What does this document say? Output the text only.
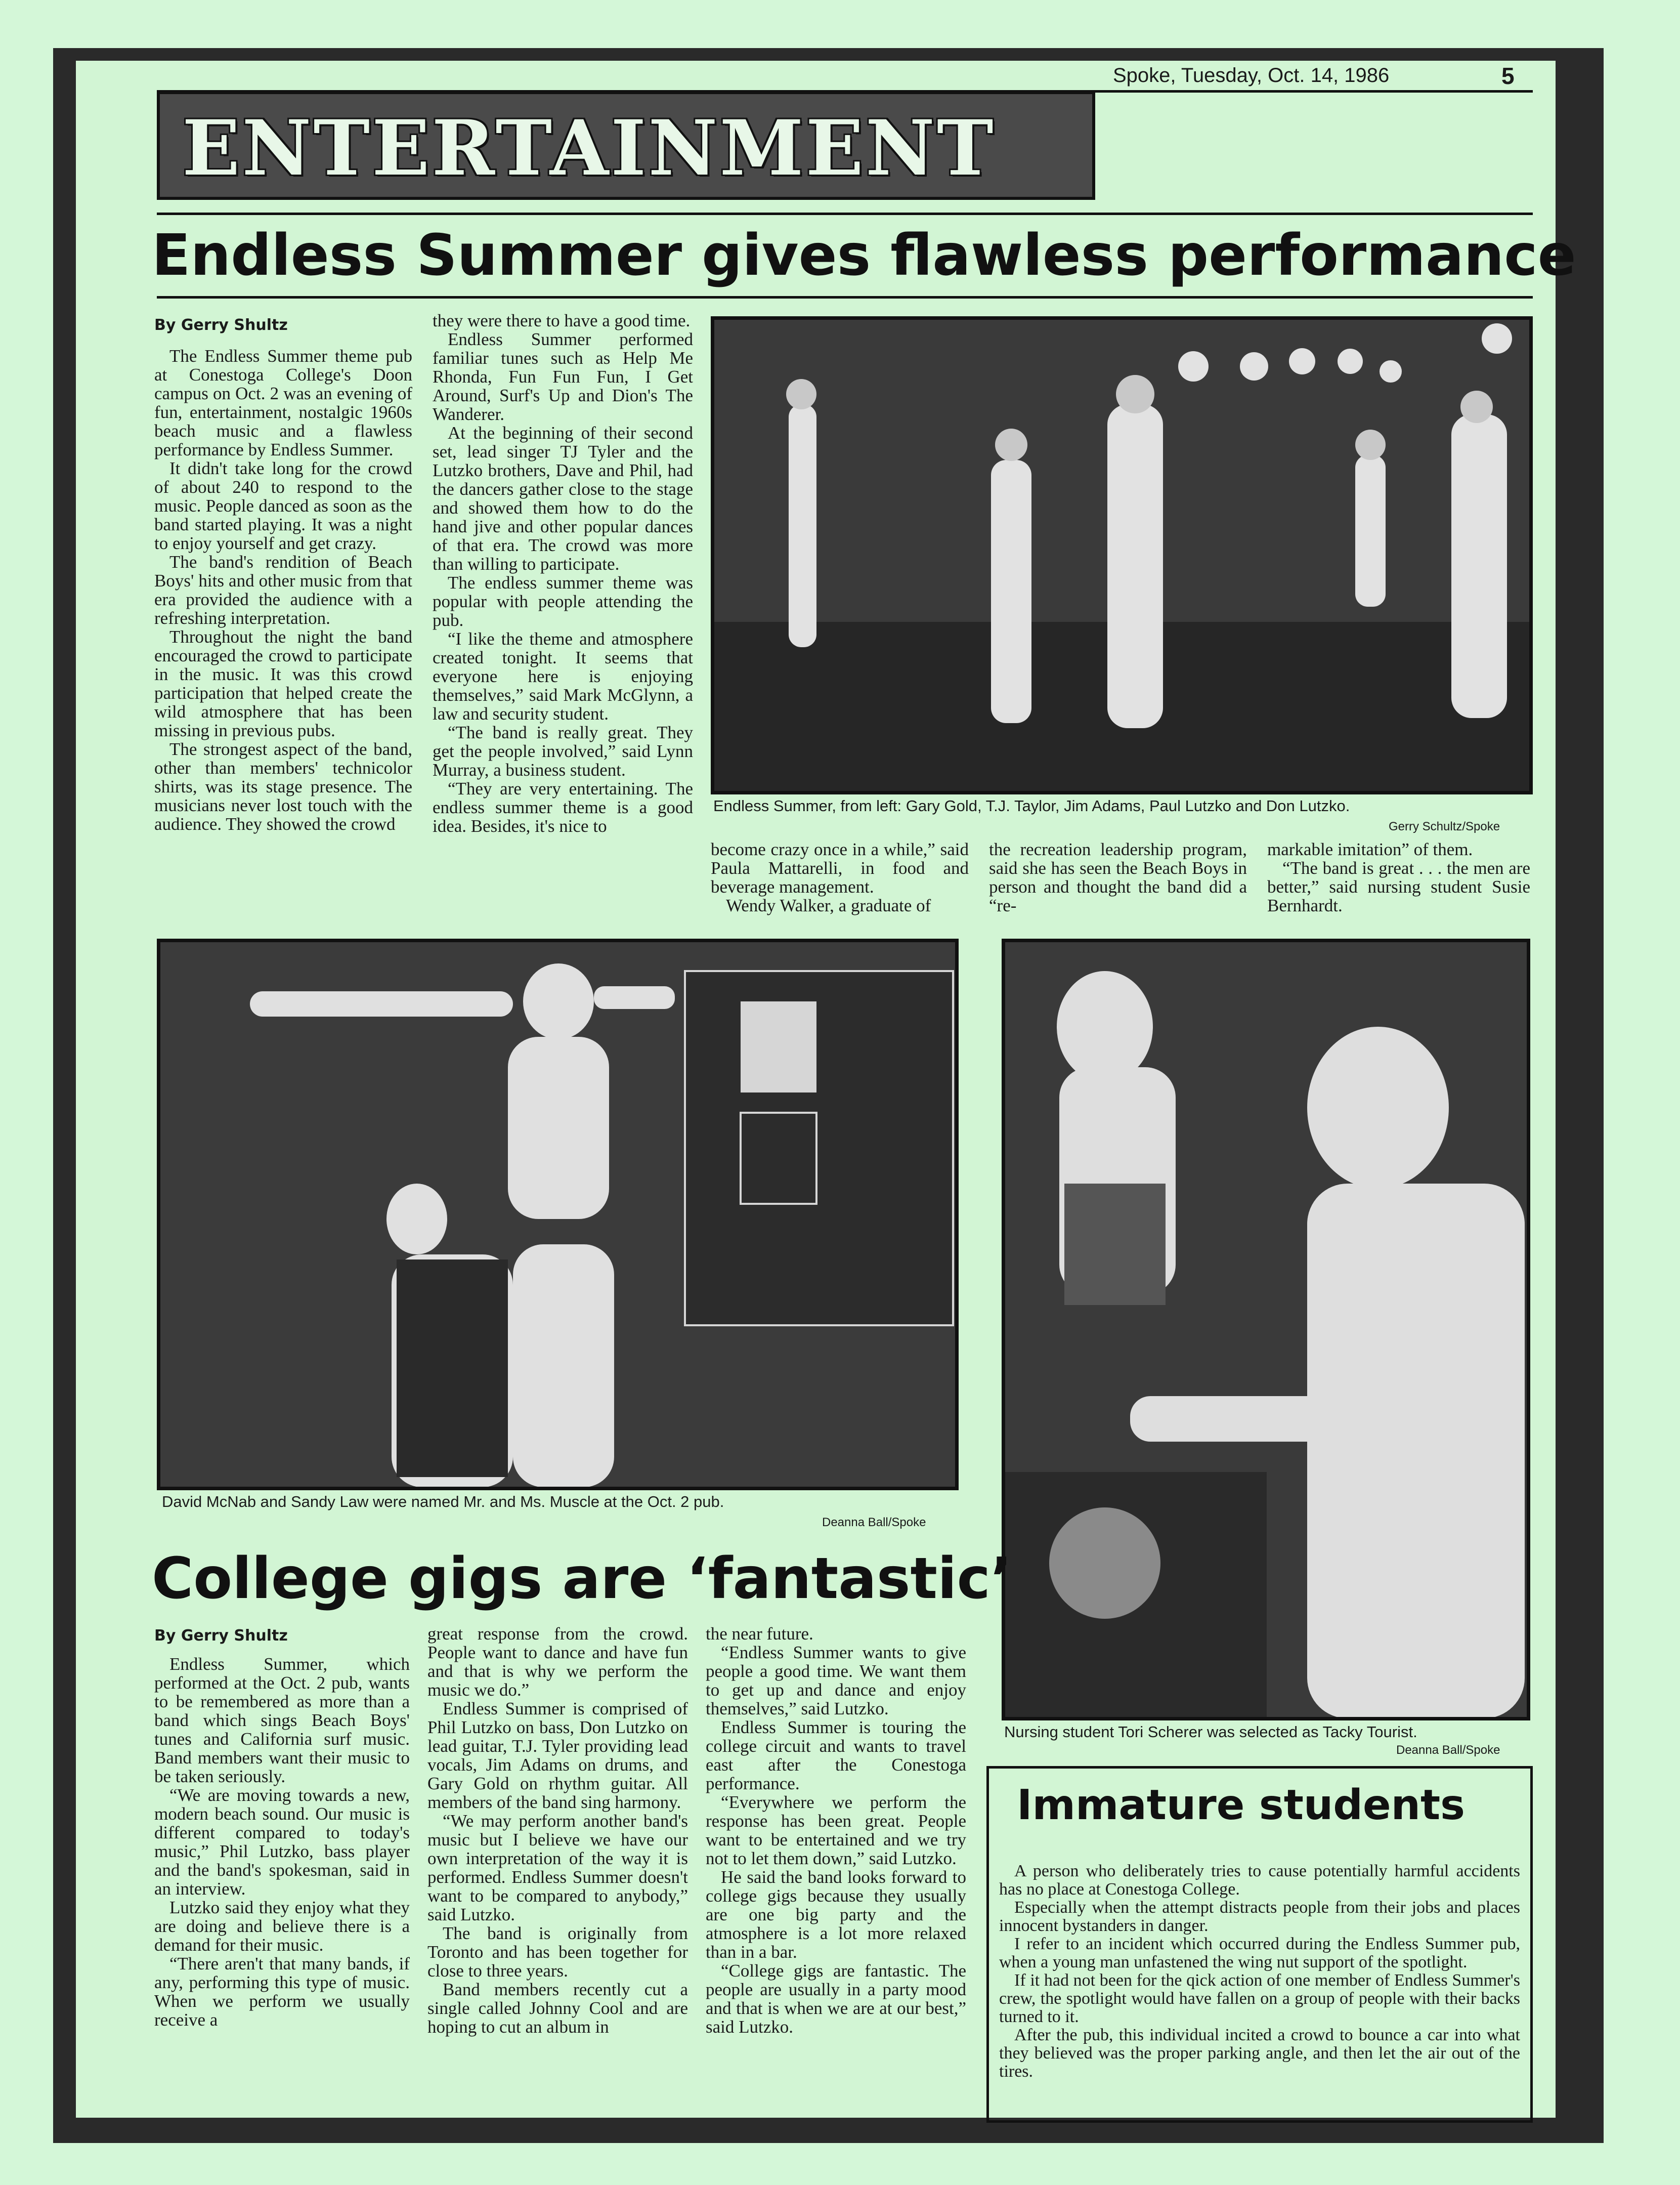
Spoke, Tuesday, Oct. 14, 1986	5
ENTERTAINMENT
Endless Summer gives flawless performance
By Gerry Shultz

The Endless Summer theme pub at Conestoga College's Doon campus on Oct. 2 was an evening of fun, entertainment, nostalgic 1960s beach music and a flawless performance by Endless Summer.

It didn't take long for the crowd of about 240 to respond to the music. People danced as soon as the band started playing. It was a night to enjoy yourself and get crazy.

The band's rendition of Beach Boys' hits and other music from that era provided the audience with a refreshing interpretation.

Throughout the night the band encouraged the crowd to participate in the music. It was this crowd participation that helped create the wild atmosphere that has been missing in previous pubs.

The strongest aspect of the band, other than members' technicolor shirts, was its stage presence. The musicians never lost touch with the audience. They showed the crowd

they were there to have a good time.

Endless Summer performed familiar tunes such as Help Me Rhonda, Fun Fun Fun, I Get Around, Surf's Up and Dion's The Wanderer.

At the beginning of their second set, lead singer TJ Tyler and the Lutzko brothers, Dave and Phil, had the dancers gather close to the stage and showed them how to do the hand jive and other popular dances of that era. The crowd was more than willing to participate.

The endless summer theme was popular with people attending the pub.

“I like the theme and atmosphere created tonight. It seems that everyone here is enjoying themselves,” said Mark McGlynn, a law and security student.

“The band is really great. They get the people involved,” said Lynn Murray, a business student.

“They are very entertaining. The endless summer theme is a good idea. Besides, it's nice to

Endless Summer, from left: Gary Gold, T.J. Taylor, Jim Adams, Paul Lutzko and Don Lutzko.
Gerry Schultz/Spoke

become crazy once in a while,” said Paula Mattarelli, in food and beverage management.

Wendy Walker, a graduate of

the recreation leadership program, said she has seen the Beach Boys in person and thought the band did a “re-

markable imitation” of them.

“The band is great . . . the men are better,” said nursing student Susie Bernhardt.

David McNab and Sandy Law were named Mr. and Ms. Muscle at the Oct. 2 pub.
Deanna Ball/Spoke
Nursing student Tori Scherer was selected as Tacky Tourist.
Deanna Ball/Spoke
College gigs are ‘fantastic’
By Gerry Shultz

Endless Summer, which performed at the Oct. 2 pub, wants to be remembered as more than a band which sings Beach Boys' tunes and California surf music. Band members want their music to be taken seriously.

“We are moving towards a new, modern beach sound. Our music is different compared to today's music,” Phil Lutzko, bass player and the band's spokesman, said in an interview.

Lutzko said they enjoy what they are doing and believe there is a demand for their music.

“There aren't that many bands, if any, performing this type of music. When we perform we usually receive a

great response from the crowd. People want to dance and have fun and that is why we perform the music we do.”

Endless Summer is comprised of Phil Lutzko on bass, Don Lutzko on lead guitar, T.J. Tyler providing lead vocals, Jim Adams on drums, and Gary Gold on rhythm guitar. All members of the band sing harmony.

“We may perform another band's music but I believe we have our own interpretation of the way it is performed. Endless Summer doesn't want to be compared to anybody,” said Lutzko.

The band is originally from Toronto and has been together for close to three years.

Band members recently cut a single called Johnny Cool and are hoping to cut an album in

the near future.

“Endless Summer wants to give people a good time. We want them to get up and dance and enjoy themselves,” said Lutzko.

Endless Summer is touring the college circuit and wants to travel east after the Conestoga performance.

“Everywhere we perform the response has been great. People want to be entertained and we try not to let them down,” said Lutzko.

He said the band looks forward to college gigs because they usually are one big party and the atmosphere is a lot more relaxed than in a bar.

“College gigs are fantastic. The people are usually in a party mood and that is when we are at our best,” said Lutzko.

Immature students

A person who deliberately tries to cause potentially harmful accidents has no place at Conestoga College.

Especially when the attempt distracts people from their jobs and places innocent bystanders in danger.

I refer to an incident which occurred during the Endless Summer pub, when a young man unfastened the wing nut support of the spotlight.

If it had not been for the qick action of one member of Endless Summer's crew, the spotlight would have fallen on a group of people with their backs turned to it.

After the pub, this individual incited a crowd to bounce a car into what they believed was the proper parking angle, and then let the air out of the tires.
